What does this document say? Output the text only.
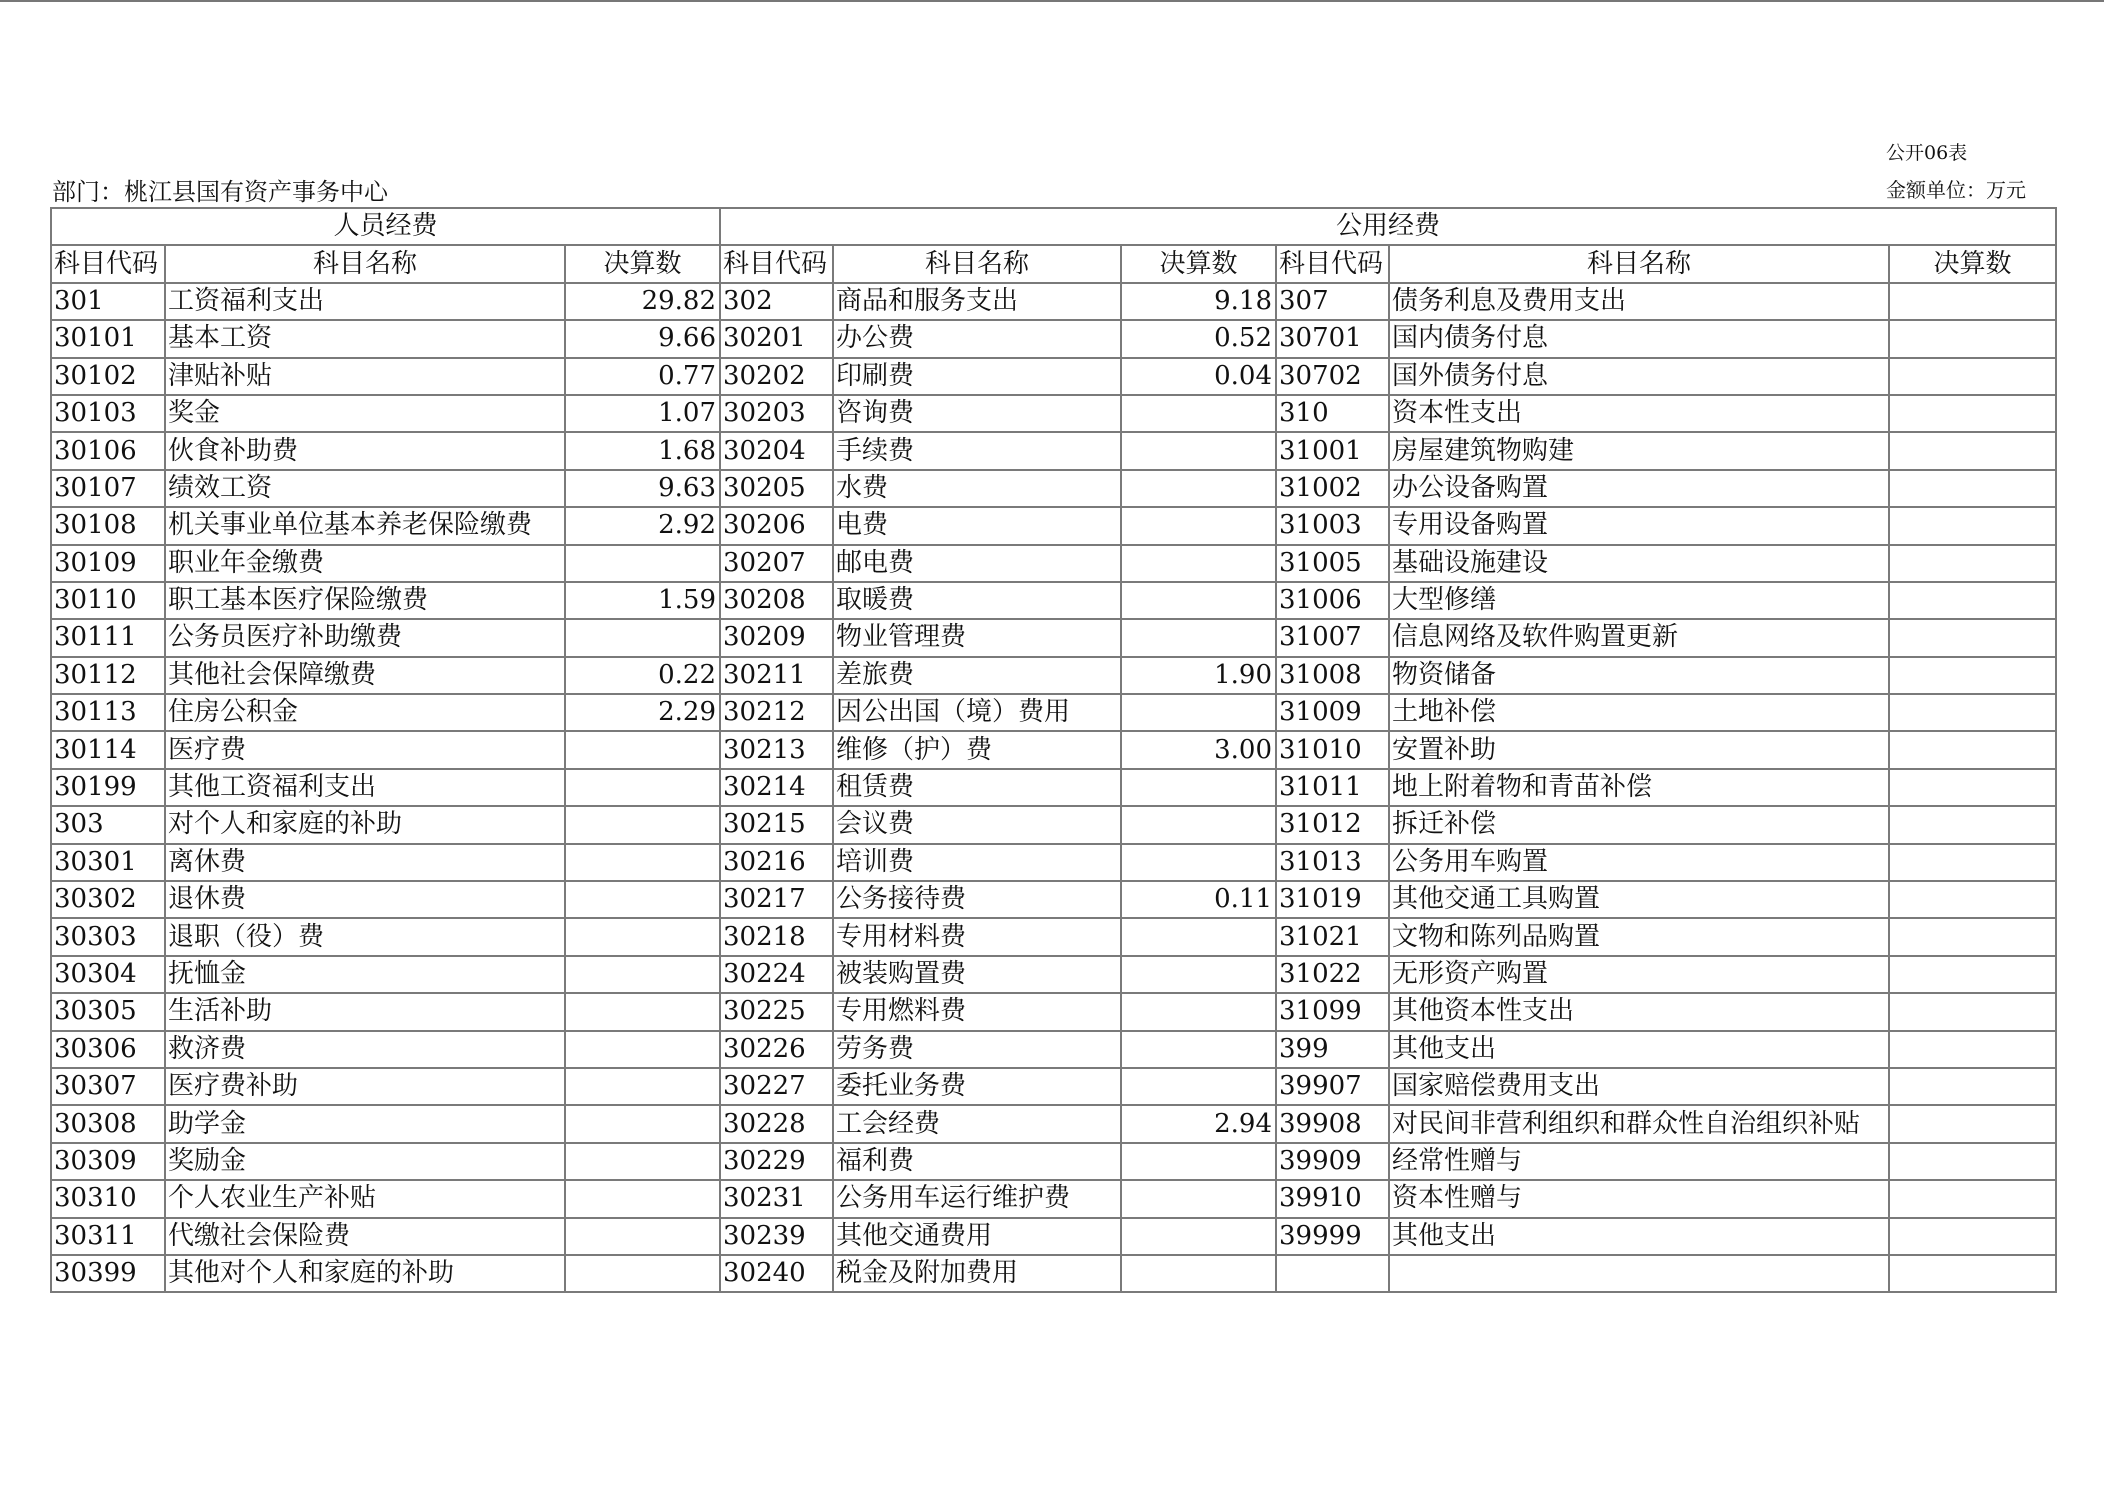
公开06表
部门：桃江县国有资产事务中心	金额单位：万元
人员经费			公用经费					
科目代码	科目名称	决算数	科目代码	科目名称	决算数	科目代码	科目名称	决算数
301	工资福利支出	29.82	302	商品和服务支出	9.18	307	债务利息及费用支出	
30101	基本工资	9.66	30201	办公费	0.52	30701	国内债务付息	
30102	津贴补贴	0.77	30202	印刷费	0.04	30702	国外债务付息	
30103	奖金	1.07	30203	咨询费		310	资本性支出	
30106	伙食补助费	1.68	30204	手续费		31001	房屋建筑物购建	
30107	绩效工资	9.63	30205	水费		31002	办公设备购置	
30108	机关事业单位基本养老保险缴费	2.92	30206	电费		31003	专用设备购置	
30109	职业年金缴费		30207	邮电费		31005	基础设施建设	
30110	职工基本医疗保险缴费	1.59	30208	取暖费		31006	大型修缮	
30111	公务员医疗补助缴费		30209	物业管理费		31007	信息网络及软件购置更新	
30112	其他社会保障缴费	0.22	30211	差旅费	1.90	31008	物资储备	
30113	住房公积金	2.29	30212	因公出国（境）费用		31009	土地补偿	
30114	医疗费		30213	维修（护）费	3.00	31010	安置补助	
30199	其他工资福利支出		30214	租赁费		31011	地上附着物和青苗补偿	
303	对个人和家庭的补助		30215	会议费		31012	拆迁补偿	
30301	离休费		30216	培训费		31013	公务用车购置	
30302	退休费		30217	公务接待费	0.11	31019	其他交通工具购置	
30303	退职（役）费		30218	专用材料费		31021	文物和陈列品购置	
30304	抚恤金		30224	被装购置费		31022	无形资产购置	
30305	生活补助		30225	专用燃料费		31099	其他资本性支出	
30306	救济费		30226	劳务费		399	其他支出	
30307	医疗费补助		30227	委托业务费		39907	国家赔偿费用支出	
30308	助学金		30228	工会经费	2.94	39908	对民间非营利组织和群众性自治组织补贴	
30309	奖励金		30229	福利费		39909	经常性赠与	
30310	个人农业生产补贴		30231	公务用车运行维护费		39910	资本性赠与	
30311	代缴社会保险费		30239	其他交通费用		39999	其他支出	
30399	其他对个人和家庭的补助		30240	税金及附加费用				
